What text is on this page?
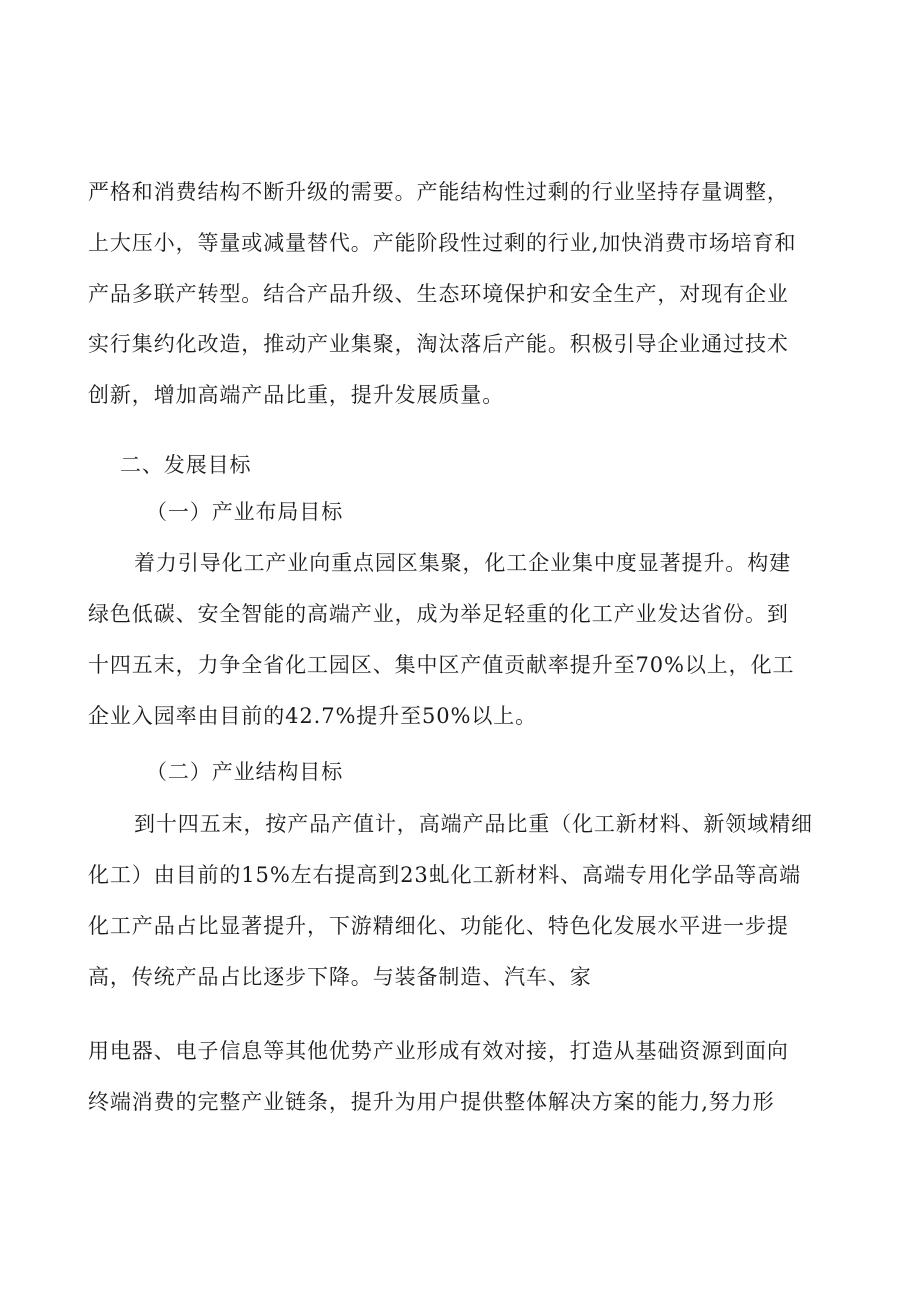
严格和消费结构不断升级的需要。产能结构性过剩的行业坚持存量调整，
上大压小，等量或减量替代。产能阶段性过剩的行业,加快消费市场培育和
产品多联产转型。结合产品升级、生态环境保护和安全生产，对现有企业
实行集约化改造，推动产业集聚，淘汰落后产能。积极引导企业通过技术
创新，增加高端产品比重，提升发展质量。
二、发展目标
（一）产业布局目标
着力引导化工产业向重点园区集聚，化工企业集中度显著提升。构建
绿色低碳、安全智能的高端产业，成为举足轻重的化工产业发达省份。到
十四五末，力争全省化工园区、集中区产值贡献率提升至70%以上，化工
企业入园率由目前的42.7%提升至50%以上。
（二）产业结构目标
到十四五末，按产品产值计，高端产品比重（化工新材料、新领域精细
化工）由目前的15%左右提高到23虬化工新材料、高端专用化学品等高端
化工产品占比显著提升，下游精细化、功能化、特色化发展水平进一步提
高，传统产品占比逐步下降。与装备制造、汽车、家
用电器、电子信息等其他优势产业形成有效对接，打造从基础资源到面向
终端消费的完整产业链条，提升为用户提供整体解决方案的能力,努力形
